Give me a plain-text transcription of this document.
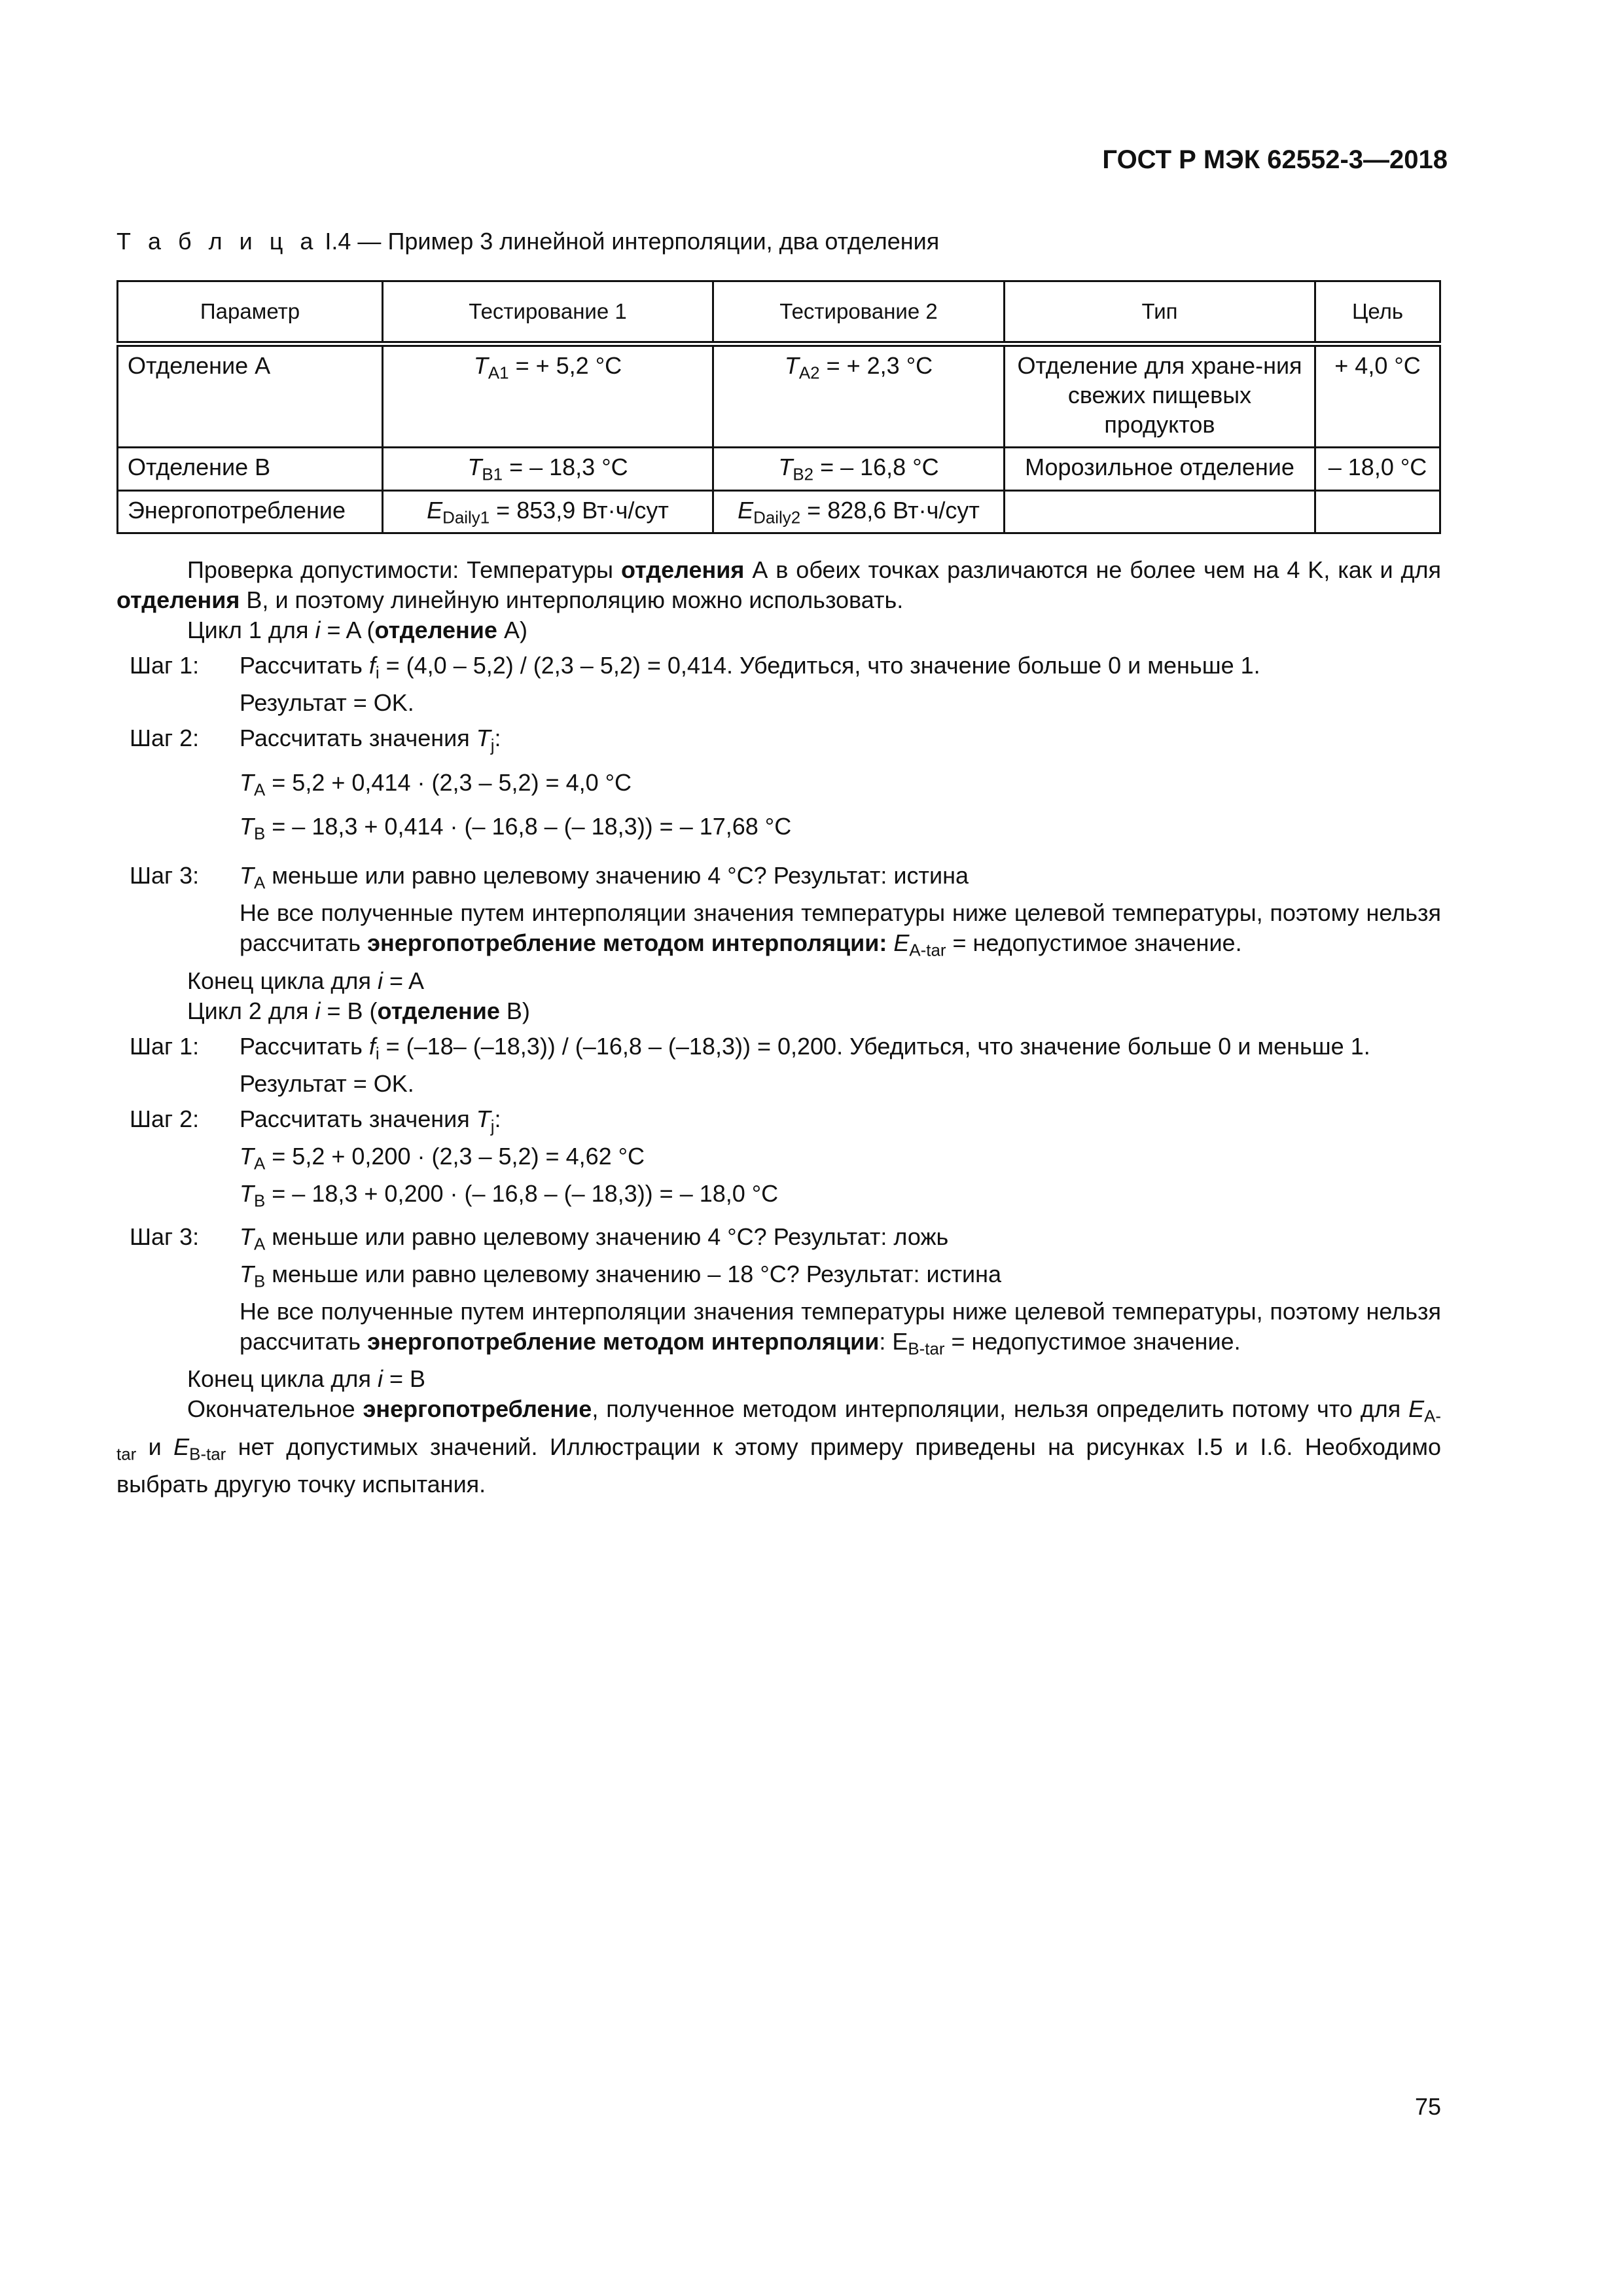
ГОСТ Р МЭК 62552-3—2018
Т а б л и ц а I.4 — Пример 3 линейной интерполяции, два отделения
Параметр	Тестирование 1	Тестирование 2	Тип	Цель
Отделение А	$T_{A1}$ = + 5,2 °C	$T_{A2}$ = + 2,3 °C	Отделение для хране-ния свежих пищевых продуктов	+ 4,0 °C
Отделение В	$T_{B1}$ = – 18,3 °C	$T_{B2}$ = – 16,8 °C	Морозильное отделение	– 18,0 °C
Энергопотребление	$E_{Daily1} = 853,9$ Вт·ч/сут	$E_{Daily2} = 828,6$ Вт·ч/сут		
Проверка допустимости: Температуры отделения А в обеих точках различаются не более чем на 4 K, как и для отделения В, и поэтому линейную интерполяцию можно использовать.
Цикл 1 для i = A (отделение A)
Шаг 1:	Рассчитать $f_i = (4,0 - 5,2) / (2,3 - 5,2) = 0,414$. Убедиться, что значение больше 0 и меньше 1.
Результат = OK.
Шаг 2:	Рассчитать значения $T_j$:
$T_A = 5,2 + 0,414 \cdot (2,3 - 5,2) = 4,0$ °C
$T_B$ = – 18,3 + 0,414 · (– 16,8 – (– 18,3)) = – 17,68 °C
Шаг 3:	$T_A$ меньше или равно целевому значению 4 °C? Результат: истина
Не все полученные путем интерполяции значения температуры ниже целевой температуры, поэтому нельзя рассчитать энергопотребление методом интерполяции: $E_{A-tar}$ = недопустимое значение.
Конец цикла для i = A
Цикл 2 для i = B (отделение B)
Шаг 1:	Рассчитать $f_i = (-18-$ (–18,3)) / (–16,8 – (–18,3)) = 0,200. Убедиться, что значение больше 0 и меньше 1.
Результат = OK.
Шаг 2:	Рассчитать значения $T_j$:
$T_A = 5,2 + 0,200 \cdot (2,3 - 5,2) = 4,62$ °C
$T_B$ = – 18,3 + 0,200 · (– 16,8 – (– 18,3)) = – 18,0 °C
Шаг 3:	$T_A$ меньше или равно целевому значению 4 °C? Результат: ложь
$T_B$ меньше или равно целевому значению – 18 °C? Результат: истина
Не все полученные путем интерполяции значения температуры ниже целевой температуры, поэтому нельзя рассчитать энергопотребление методом интерполяции: $E_{B-tar}$ = недопустимое значение.
Конец цикла для i = B
Окончательное энергопотребление, полученное методом интерполяции, нельзя определить потому что для $E_{A-tar}$ и $E_{B-tar}$ нет допустимых значений. Иллюстрации к этому примеру приведены на рисунках I.5 и I.6. Необходимо выбрать другую точку испытания.
75
